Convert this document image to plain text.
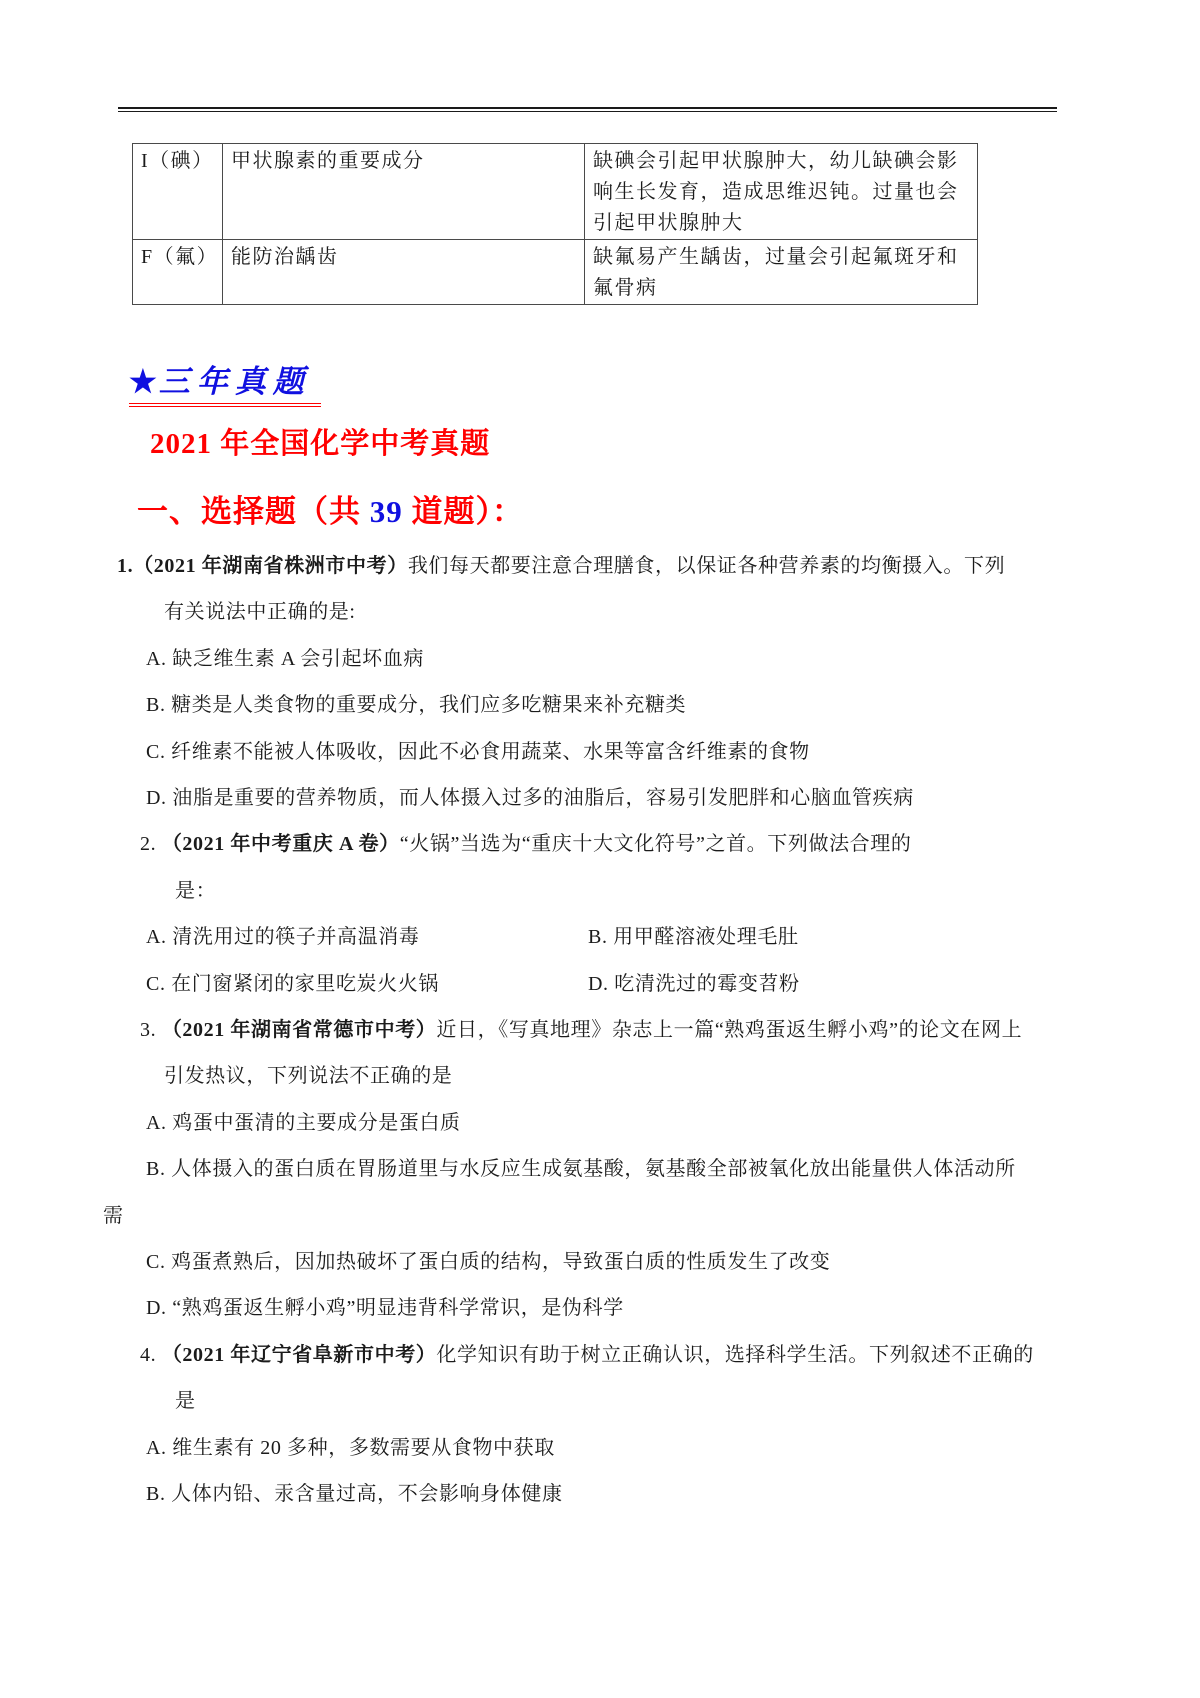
I（碘）	甲状腺素的重要成分	缺碘会引起甲状腺肿大，幼儿缺碘会影响生长发育，造成思维迟钝。过量也会引起甲状腺肿大
F（氟）	能防治龋齿	缺氟易产生龋齿，过量会引起氟斑牙和氟骨病
★三年真题
2021 年全国化学中考真题
一、选择题（共 39 道题）：
1.（2021 年湖南省株洲市中考）我们每天都要注意合理膳食，以保证各种营养素的均衡摄入。下列
有关说法中正确的是:
A. 缺乏维生素 A 会引起坏血病
B. 糖类是人类食物的重要成分，我们应多吃糖果来补充糖类
C. 纤维素不能被人体吸收，因此不必食用蔬菜、水果等富含纤维素的食物
D. 油脂是重要的营养物质，而人体摄入过多的油脂后，容易引发肥胖和心脑血管疾病
2. （2021 年中考重庆 A 卷）“火锅”当选为“重庆十大文化符号”之首。下列做法合理的
是：
A. 清洗用过的筷子并高温消毒	B. 用甲醛溶液处理毛肚
C. 在门窗紧闭的家里吃炭火火锅	D. 吃清洗过的霉变苕粉
3. （2021 年湖南省常德市中考）近日，《写真地理》杂志上一篇“熟鸡蛋返生孵小鸡”的论文在网上
引发热议，下列说法不正确的是
A. 鸡蛋中蛋清的主要成分是蛋白质
B. 人体摄入的蛋白质在胃肠道里与水反应生成氨基酸，氨基酸全部被氧化放出能量供人体活动所
需
C. 鸡蛋煮熟后，因加热破坏了蛋白质的结构，导致蛋白质的性质发生了改变
D. “熟鸡蛋返生孵小鸡”明显违背科学常识，是伪科学
4. （2021 年辽宁省阜新市中考）化学知识有助于树立正确认识，选择科学生活。下列叙述不正确的
是
A. 维生素有 20 多种，多数需要从食物中获取
B. 人体内铅、汞含量过高，不会影响身体健康
